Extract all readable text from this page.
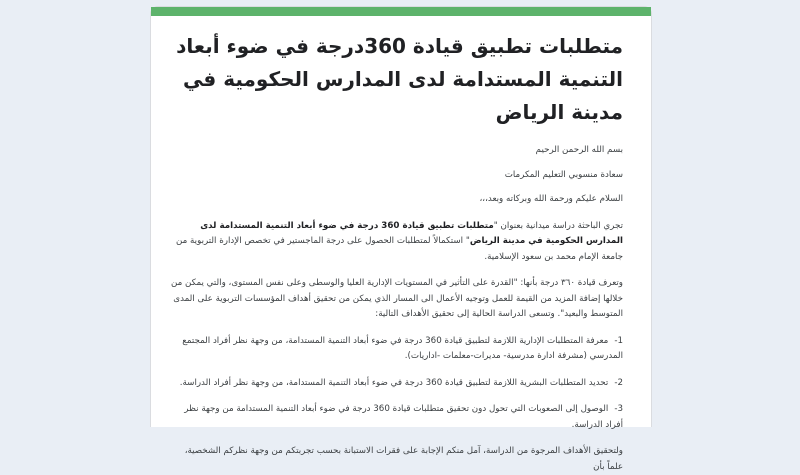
متطلبات تطبيق قيادة 360درجة في ضوء أبعاد التنمية المستدامة لدى المدارس الحكومية في مدينة الرياض

بسم الله الرحمن الرحيم

سعادة منسوبي التعليم المكرمات

السلام عليكم ورحمة الله وبركاته وبعد،،،

تجري الباحثة دراسة ميدانية بعنوان "متطلبات تطبيق قيادة 360 درجة في ضوء أبعاد التنمية المستدامة لدى المدارس الحكومية في مدينة الرياض" استكمالاً لمتطلبات الحصول على درجة الماجستير في تخصص الإدارة التربوية من جامعة الإمام محمد بن سعود الإسلامية.

وتعرف قيادة ٣٦٠ درجة بأنها: "القدرة على التأثير في المستويات الإدارية العليا والوسطى وعلى نفس المستوى، والتي يمكن من خلالها إضافة المزيد من القيمة للعمل وتوجيه الأعمال الى المسار الذي يمكن من تحقيق أهداف المؤسسات التربوية على المدى المتوسط والبعيد". وتسعى الدراسة الحالية إلى تحقيق الأهداف التالية:

1-معرفة المتطلبات الإدارية اللازمة لتطبيق قيادة 360 درجة في ضوء أبعاد التنمية المستدامة، من وجهة نظر أفراد المجتمع المدرسي (مشرفة ادارة مدرسية- مديرات-معلمات -اداريات).

2-تحديد المتطلبات البشرية اللازمة لتطبيق قيادة 360 درجة في ضوء أبعاد التنمية المستدامة، من وجهة نظر أفراد الدراسة.

3-الوصول إلى الصعوبات التي تحول دون تحقيق متطلبات قيادة 360 درجة في ضوء أبعاد التنمية المستدامة من وجهة نظر أفراد الدراسة.

ولتحقيق الأهداف المرجوة من الدراسة، آمل منكم الإجابة على فقرات الاستبانة بحسب تجربتكم من وجهة نظركم الشخصية، علماً بأن
